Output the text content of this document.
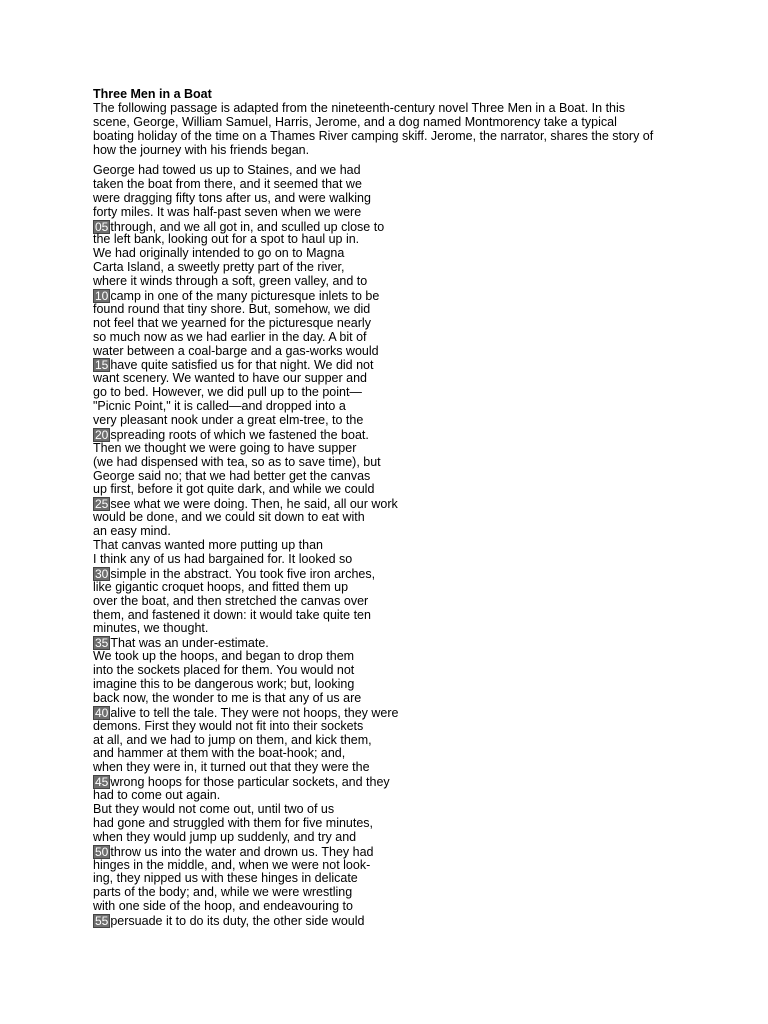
Three Men in a Boat
The following passage is adapted from the nineteenth-century novel Three Men in a Boat. In this
scene, George, William Samuel, Harris, Jerome, and a dog named Montmorency take a typical
boating holiday of the time on a Thames River camping skiff. Jerome, the narrator, shares the story of
how the journey with his friends began.
George had towed us up to Staines, and we had
taken the boat from there, and it seemed that we
were dragging fifty tons after us, and were walking
forty miles. It was half-past seven when we were
05 through, and we all got in, and sculled up close to
the left bank, looking out for a spot to haul up in.
We had originally intended to go on to Magna
Carta Island, a sweetly pretty part of the river,
where it winds through a soft, green valley, and to
10 camp in one of the many picturesque inlets to be
found round that tiny shore. But, somehow, we did
not feel that we yearned for the picturesque nearly
so much now as we had earlier in the day. A bit of
water between a coal-barge and a gas-works would
15 have quite satisfied us for that night. We did not
want scenery. We wanted to have our supper and
go to bed. However, we did pull up to the point—
"Picnic Point," it is called—and dropped into a
very pleasant nook under a great elm-tree, to the
20 spreading roots of which we fastened the boat.
Then we thought we were going to have supper
(we had dispensed with tea, so as to save time), but
George said no; that we had better get the canvas
up first, before it got quite dark, and while we could
25 see what we were doing. Then, he said, all our work
would be done, and we could sit down to eat with
an easy mind.
That canvas wanted more putting up than
I think any of us had bargained for. It looked so
30 simple in the abstract. You took five iron arches,
like gigantic croquet hoops, and fitted them up
over the boat, and then stretched the canvas over
them, and fastened it down: it would take quite ten
minutes, we thought.
35 That was an under-estimate.
We took up the hoops, and began to drop them
into the sockets placed for them. You would not
imagine this to be dangerous work; but, looking
back now, the wonder to me is that any of us are
40 alive to tell the tale. They were not hoops, they were
demons. First they would not fit into their sockets
at all, and we had to jump on them, and kick them,
and hammer at them with the boat-hook; and,
when they were in, it turned out that they were the
45 wrong hoops for those particular sockets, and they
had to come out again.
But they would not come out, until two of us
had gone and struggled with them for five minutes,
when they would jump up suddenly, and try and
50 throw us into the water and drown us. They had
hinges in the middle, and, when we were not look-
ing, they nipped us with these hinges in delicate
parts of the body; and, while we were wrestling
with one side of the hoop, and endeavouring to
55 persuade it to do its duty, the other side would
